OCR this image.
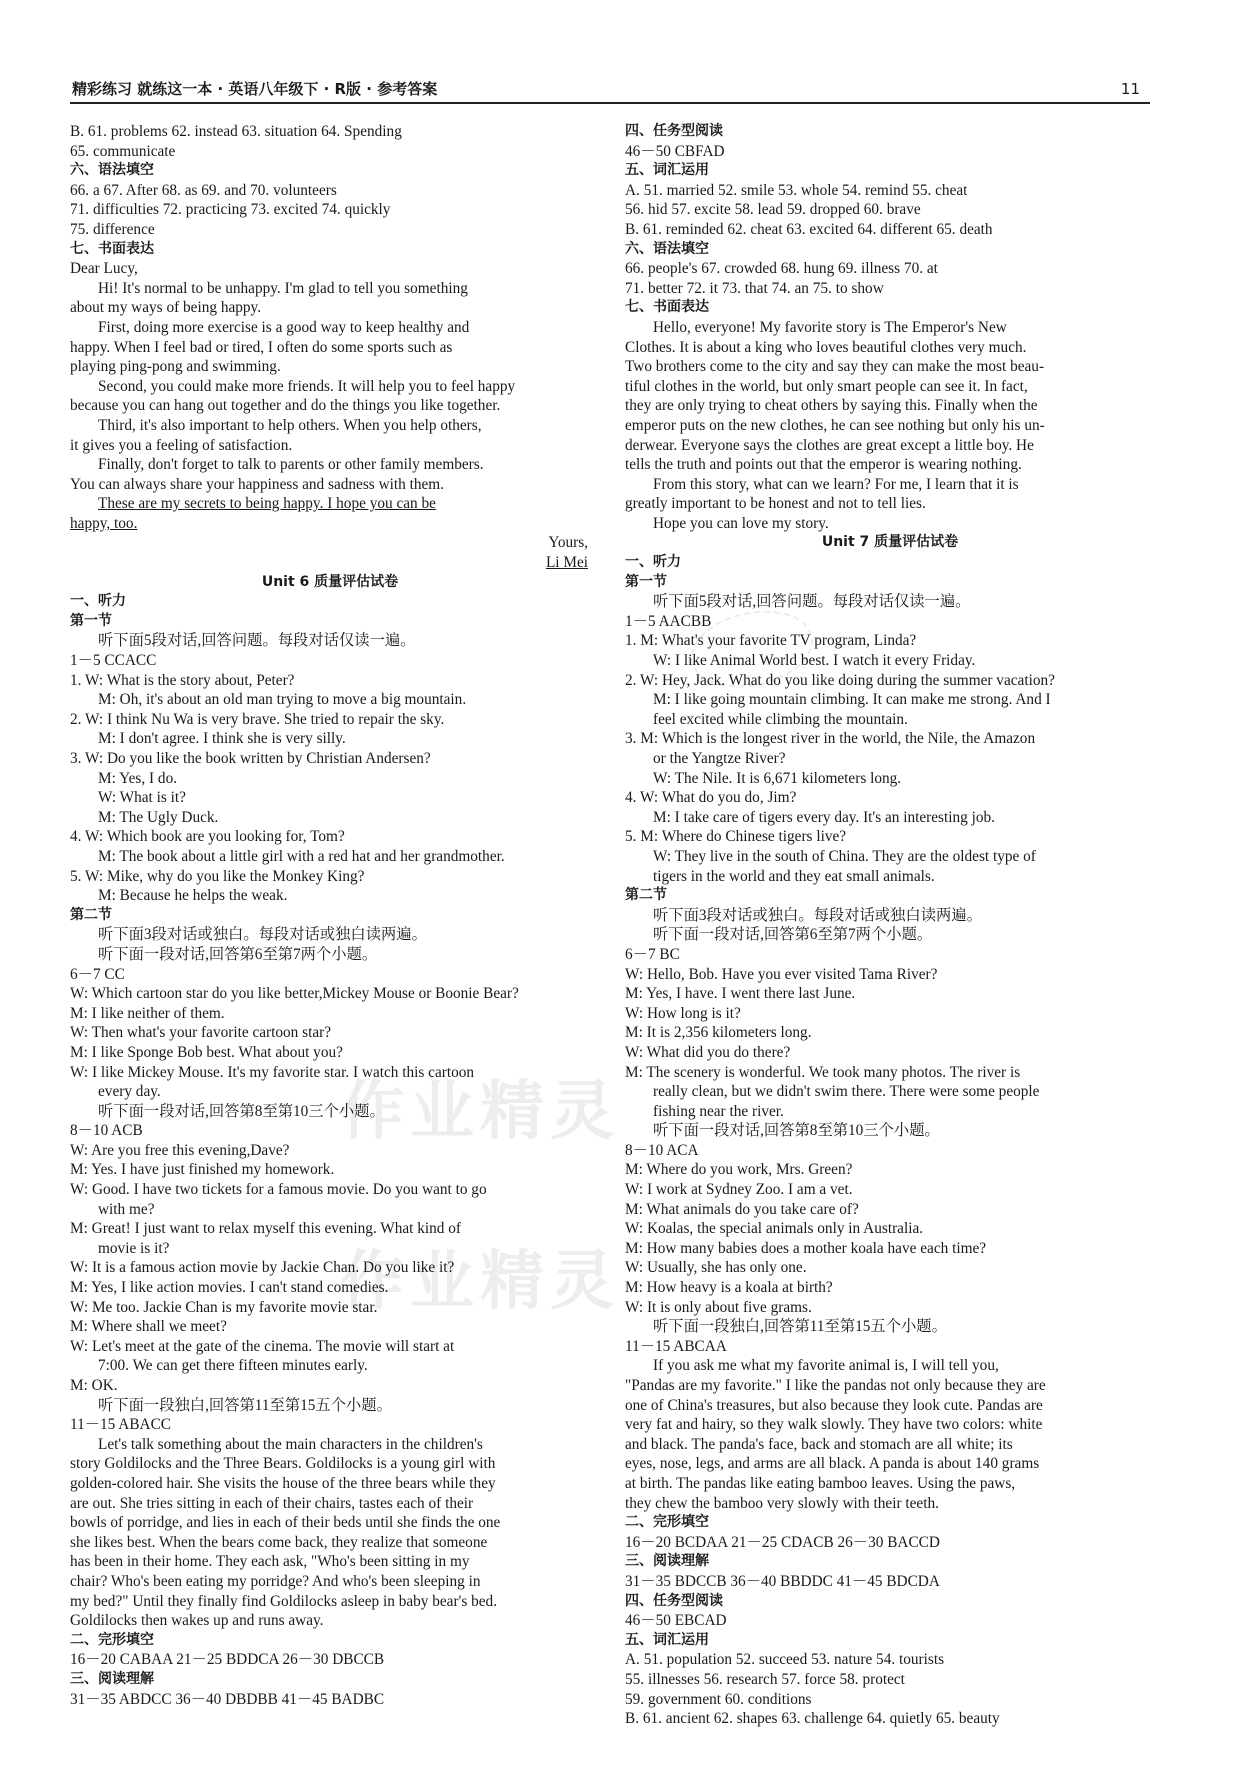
精彩练习 就练这一本 · 英语八年级下 · R版 · 参考答案	11
B. 61. problems 62. instead 63. situation 64. Spending
65. communicate
六、语法填空
66. a 67. After 68. as 69. and 70. volunteers
71. difficulties 72. practicing 73. excited 74. quickly
75. difference
七、书面表达
Dear Lucy,
Hi! It's normal to be unhappy. I'm glad to tell you something
about my ways of being happy.
First, doing more exercise is a good way to keep healthy and
happy. When I feel bad or tired, I often do some sports such as
playing ping-pong and swimming.
Second, you could make more friends. It will help you to feel happy
because you can hang out together and do the things you like together.
Third, it's also important to help others. When you help others,
it gives you a feeling of satisfaction.
Finally, don't forget to talk to parents or other family members.
You can always share your happiness and sadness with them.
These are my secrets to being happy. I hope you can be
happy, too.
Yours,
Li Mei
Unit 6 质量评估试卷
一、听力
第一节
听下面5段对话,回答问题。每段对话仅读一遍。
1－5 CCACC
1. W: What is the story about, Peter?
M: Oh, it's about an old man trying to move a big mountain.
2. W: I think Nu Wa is very brave. She tried to repair the sky.
M: I don't agree. I think she is very silly.
3. W: Do you like the book written by Christian Andersen?
M: Yes, I do.
W: What is it?
M: The Ugly Duck.
4. W: Which book are you looking for, Tom?
M: The book about a little girl with a red hat and her grandmother.
5. W: Mike, why do you like the Monkey King?
M: Because he helps the weak.
第二节
听下面3段对话或独白。每段对话或独白读两遍。
听下面一段对话,回答第6至第7两个小题。
6－7 CC
W: Which cartoon star do you like better,Mickey Mouse or Boonie Bear?
M: I like neither of them.
W: Then what's your favorite cartoon star?
M: I like Sponge Bob best. What about you?
W: I like Mickey Mouse. It's my favorite star. I watch this cartoon
every day.
听下面一段对话,回答第8至第10三个小题。
8－10 ACB
W: Are you free this evening,Dave?
M: Yes. I have just finished my homework.
W: Good. I have two tickets for a famous movie. Do you want to go
with me?
M: Great! I just want to relax myself this evening. What kind of
movie is it?
W: It is a famous action movie by Jackie Chan. Do you like it?
M: Yes, I like action movies. I can't stand comedies.
W: Me too. Jackie Chan is my favorite movie star.
M: Where shall we meet?
W: Let's meet at the gate of the cinema. The movie will start at
7:00. We can get there fifteen minutes early.
M: OK.
听下面一段独白,回答第11至第15五个小题。
11－15 ABACC
Let's talk something about the main characters in the children's
story Goldilocks and the Three Bears. Goldilocks is a young girl with
golden-colored hair. She visits the house of the three bears while they
are out. She tries sitting in each of their chairs, tastes each of their
bowls of porridge, and lies in each of their beds until she finds the one
she likes best. When the bears come back, they realize that someone
has been in their home. They each ask, "Who's been sitting in my
chair? Who's been eating my porridge? And who's been sleeping in
my bed?" Until they finally find Goldilocks asleep in baby bear's bed.
Goldilocks then wakes up and runs away.
二、完形填空
16－20 CABAA 21－25 BDDCA 26－30 DBCCB
三、阅读理解
31－35 ABDCC 36－40 DBDBB 41－45 BADBC
四、任务型阅读
46－50 CBFAD
五、词汇运用
A. 51. married 52. smile 53. whole 54. remind 55. cheat
56. hid 57. excite 58. lead 59. dropped 60. brave
B. 61. reminded 62. cheat 63. excited 64. different 65. death
六、语法填空
66. people's 67. crowded 68. hung 69. illness 70. at
71. better 72. it 73. that 74. an 75. to show
七、书面表达
Hello, everyone! My favorite story is The Emperor's New
Clothes. It is about a king who loves beautiful clothes very much.
Two brothers come to the city and say they can make the most beau-
tiful clothes in the world, but only smart people can see it. In fact,
they are only trying to cheat others by saying this. Finally when the
emperor puts on the new clothes, he can see nothing but only his un-
derwear. Everyone says the clothes are great except a little boy. He
tells the truth and points out that the emperor is wearing nothing.
From this story, what can we learn? For me, I learn that it is
greatly important to be honest and not to tell lies.
Hope you can love my story.
Unit 7 质量评估试卷
一、听力
第一节
听下面5段对话,回答问题。每段对话仅读一遍。
1－5 AACBB
1. M: What's your favorite TV program, Linda?
W: I like Animal World best. I watch it every Friday.
2. W: Hey, Jack. What do you like doing during the summer vacation?
M: I like going mountain climbing. It can make me strong. And I
feel excited while climbing the mountain.
3. M: Which is the longest river in the world, the Nile, the Amazon
or the Yangtze River?
W: The Nile. It is 6,671 kilometers long.
4. W: What do you do, Jim?
M: I take care of tigers every day. It's an interesting job.
5. M: Where do Chinese tigers live?
W: They live in the south of China. They are the oldest type of
tigers in the world and they eat small animals.
第二节
听下面3段对话或独白。每段对话或独白读两遍。
听下面一段对话,回答第6至第7两个小题。
6－7 BC
W: Hello, Bob. Have you ever visited Tama River?
M: Yes, I have. I went there last June.
W: How long is it?
M: It is 2,356 kilometers long.
W: What did you do there?
M: The scenery is wonderful. We took many photos. The river is
really clean, but we didn't swim there. There were some people
fishing near the river.
听下面一段对话,回答第8至第10三个小题。
8－10 ACA
M: Where do you work, Mrs. Green?
W: I work at Sydney Zoo. I am a vet.
M: What animals do you take care of?
W: Koalas, the special animals only in Australia.
M: How many babies does a mother koala have each time?
W: Usually, she has only one.
M: How heavy is a koala at birth?
W: It is only about five grams.
听下面一段独白,回答第11至第15五个小题。
11－15 ABCAA
If you ask me what my favorite animal is, I will tell you,
"Pandas are my favorite." I like the pandas not only because they are
one of China's treasures, but also because they look cute. Pandas are
very fat and hairy, so they walk slowly. They have two colors: white
and black. The panda's face, back and stomach are all white; its
eyes, nose, legs, and arms are all black. A panda is about 140 grams
at birth. The pandas like eating bamboo leaves. Using the paws,
they chew the bamboo very slowly with their teeth.
二、完形填空
16－20 BCDAA 21－25 CDACB 26－30 BACCD
三、阅读理解
31－35 BDCCB 36－40 BBDDC 41－45 BDCDA
四、任务型阅读
46－50 EBCAD
五、词汇运用
A. 51. population 52. succeed 53. nature 54. tourists
55. illnesses 56. research 57. force 58. protect
59. government 60. conditions
B. 61. ancient 62. shapes 63. challenge 64. quietly 65. beauty
作业精灵
作业精灵
